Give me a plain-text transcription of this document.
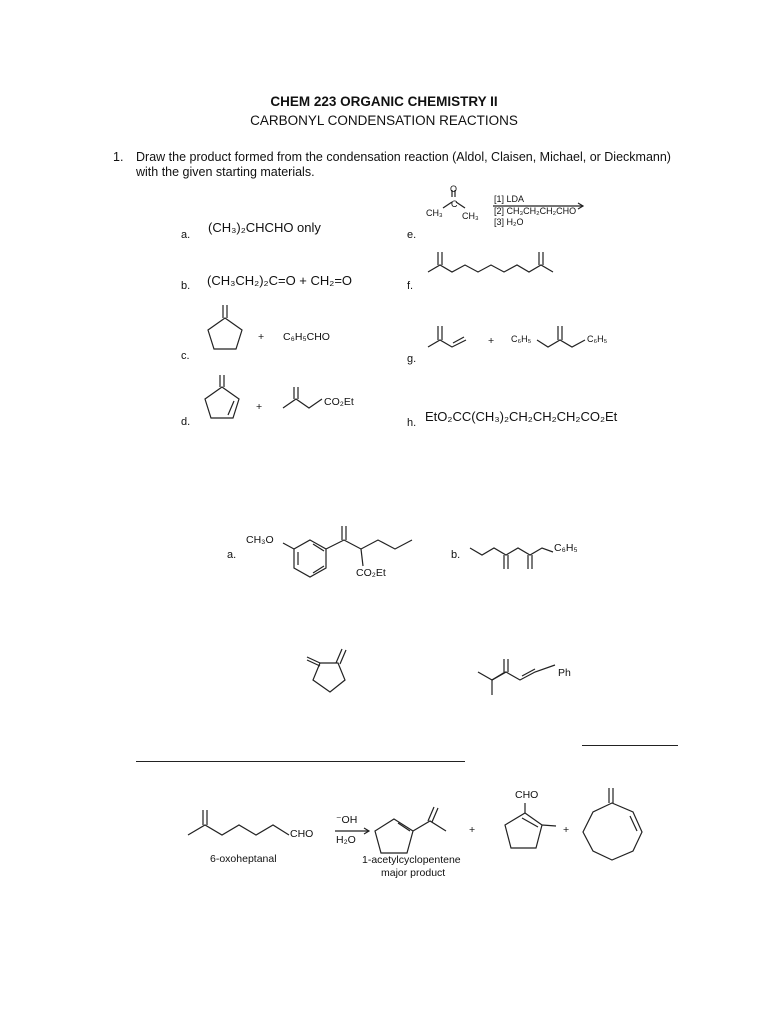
CHEM 223 ORGANIC CHEMISTRY II
CARBONYL CONDENSATION REACTIONS
1. Draw the product formed from the condensation reaction (Aldol, Claisen, Michael, or Dieckmann)
with the given starting materials.
a.
b.
c.
d.
e.
f.
g.
h.
(CH₃)₂CHCHO only
(CH₃CH₂)₂C=O + CH₂=O
+ C₆H₅CHO
+	CO₂Et
CH₃
C
CH₃
O
[1] LDA
[2] CH₃CH₂CH₂CHO
[3] H₂O
+ C₆H₅	C₆H₅
EtO₂CC(CH₃)₂CH₂CH₂CH₂CO₂Et
a.
CH₃O
CO₂Et
b.
C₆H₅
Ph
CHO
⁻OH
H₂O
6-oxoheptanal	1-acetylcyclopentene
major product
+
CHO
+
